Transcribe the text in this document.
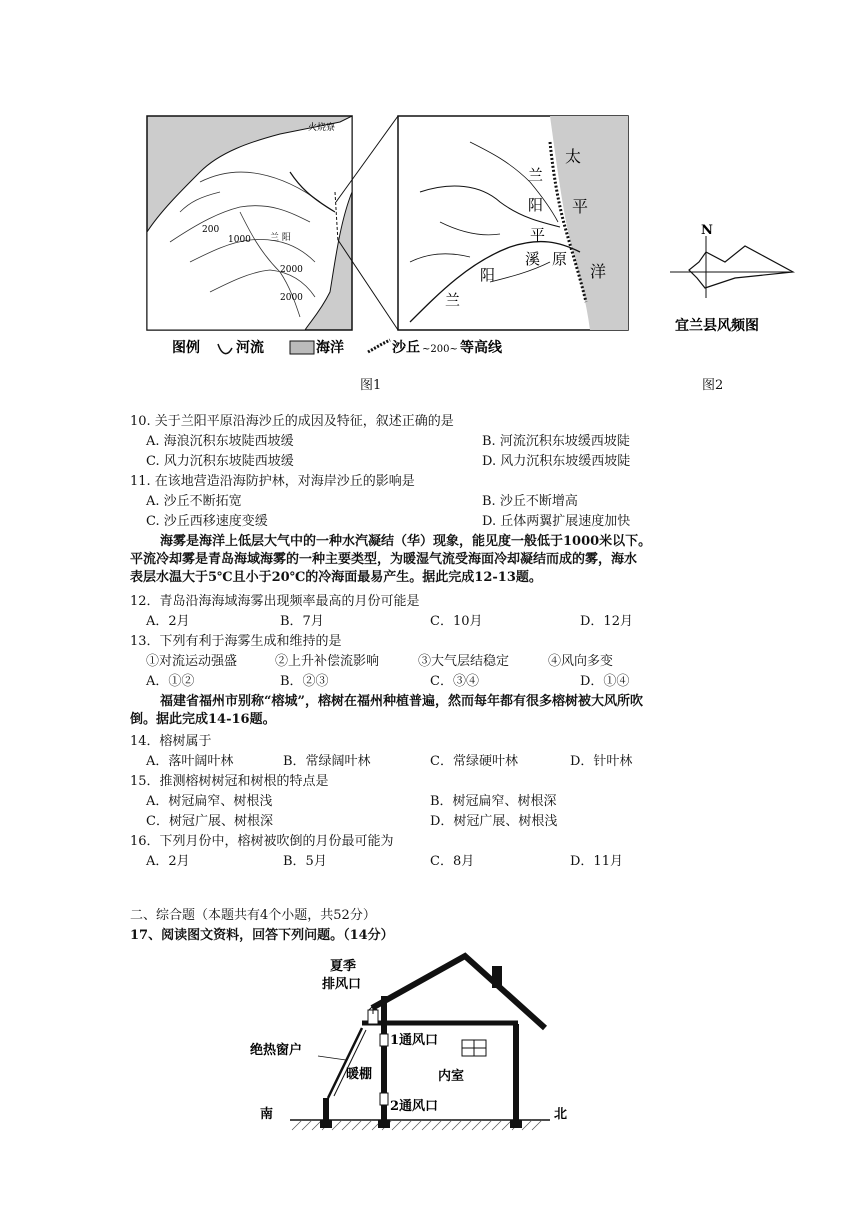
火烧寮
200
1000
2000
2000
兰 阳
太
平
洋
兰
阳
平
原
溪
兰
阳
图例	河流	海洋	沙丘 ~200~ 等高线
N
宜兰县风频图
图1	图2
10. 关于兰阳平原沿海沙丘的成因及特征，叙述正确的是
A. 海浪沉积东坡陡西坡缓	B. 河流沉积东坡缓西坡陡
C. 风力沉积东坡陡西坡缓	D. 风力沉积东坡缓西坡陡
11. 在该地营造沿海防护林，对海岸沙丘的影响是
A. 沙丘不断拓宽	B. 沙丘不断增高
C. 沙丘西移速度变缓	D. 丘体两翼扩展速度加快
海雾是海洋上低层大气中的一种水汽凝结（华）现象，能见度一般低于1000米以下。
平流冷却雾是青岛海域海雾的一种主要类型，为暖湿气流受海面冷却凝结而成的雾，海水
表层水温大于5℃且小于20℃的冷海面最易产生。据此完成12-13题。
12．青岛沿海海域海雾出现频率最高的月份可能是
A．2月	B．7月	C．10月	D．12月
13．下列有利于海雾生成和维持的是
①对流运动强盛	②上升补偿流影响	③大气层结稳定	④风向多变
A．①②	B．②③	C．③④	D．①④
福建省福州市别称“榕城”，榕树在福州种植普遍，然而每年都有很多榕树被大风所吹
倒。据此完成14-16题。
14．榕树属于
A．落叶阔叶林	B．常绿阔叶林	C．常绿硬叶林	D．针叶林
15．推测榕树树冠和树根的特点是
A．树冠扁窄、树根浅	B．树冠扁窄、树根深
C．树冠广展、树根深	D．树冠广展、树根浅
16．下列月份中，榕树被吹倒的月份最可能为
A．2月	B．5月	C．8月	D．11月
二、综合题（本题共有4个小题，共52分）
17、阅读图文资料，回答下列问题。（14分）
夏季
排风口
1通风口
2通风口
绝热窗户
暖棚	内室
南	北
